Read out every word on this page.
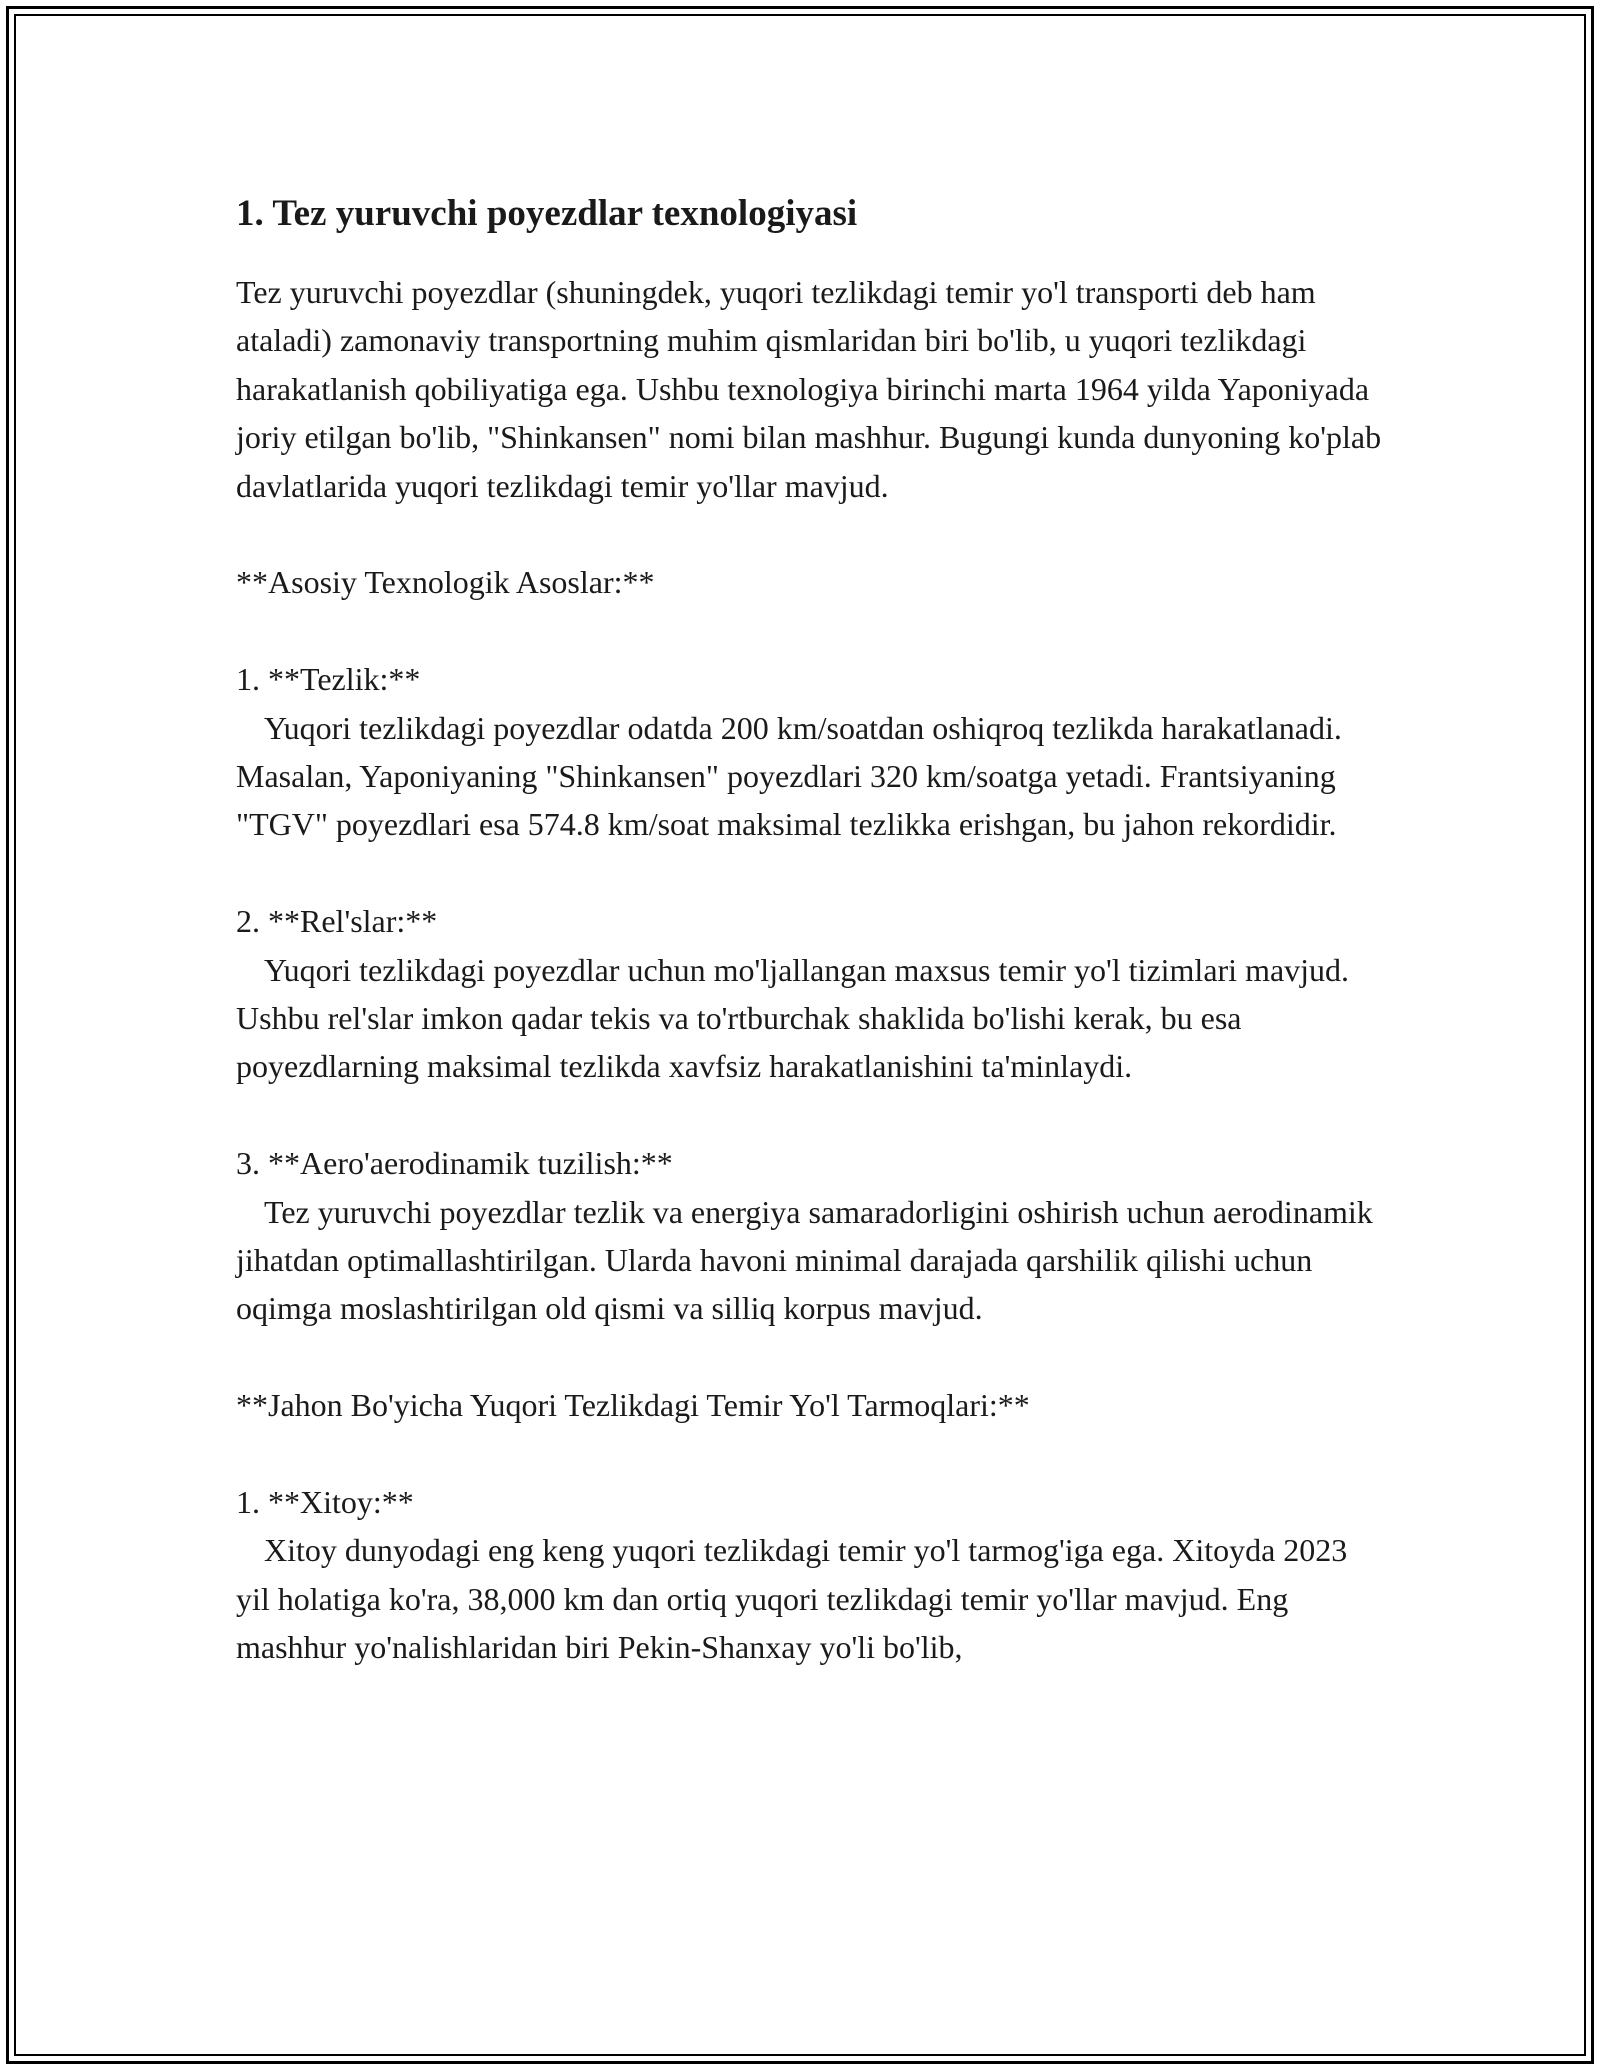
1. Tez yuruvchi poyezdlar texnologiyasi

Tez yuruvchi poyezdlar (shuningdek, yuqori tezlikdagi temir yo'l transporti deb ham ataladi) zamonaviy transportning muhim qismlaridan biri bo'lib, u yuqori tezlikdagi harakatlanish qobiliyatiga ega. Ushbu texnologiya birinchi marta 1964 yilda Yaponiyada joriy etilgan bo'lib, "Shinkansen" nomi bilan mashhur. Bugungi kunda dunyoning ko'plab davlatlarida yuqori tezlikdagi temir yo'llar mavjud.

**Asosiy Texnologik Asoslar:**

1. **Tezlik:**

Yuqori tezlikdagi poyezdlar odatda 200 km/soatdan oshiqroq tezlikda harakatlanadi. Masalan, Yaponiyaning "Shinkansen" poyezdlari 320 km/soatga yetadi. Frantsiyaning "TGV" poyezdlari esa 574.8 km/soat maksimal tezlikka erishgan, bu jahon rekordidir.

2. **Rel'slar:**

Yuqori tezlikdagi poyezdlar uchun mo'ljallangan maxsus temir yo'l tizimlari mavjud. Ushbu rel'slar imkon qadar tekis va to'rtburchak shaklida bo'lishi kerak, bu esa poyezdlarning maksimal tezlikda xavfsiz harakatlanishini ta'minlaydi.

3. **Aero'aerodinamik tuzilish:**

Tez yuruvchi poyezdlar tezlik va energiya samaradorligini oshirish uchun aerodinamik jihatdan optimallashtirilgan. Ularda havoni minimal darajada qarshilik qilishi uchun oqimga moslashtirilgan old qismi va silliq korpus mavjud.

**Jahon Bo'yicha Yuqori Tezlikdagi Temir Yo'l Tarmoqlari:**

1. **Xitoy:**

Xitoy dunyodagi eng keng yuqori tezlikdagi temir yo'l tarmog'iga ega. Xitoyda 2023 yil holatiga ko'ra, 38,000 km dan ortiq yuqori tezlikdagi temir yo'llar mavjud. Eng mashhur yo'nalishlaridan biri Pekin-Shanxay yo'li bo'lib,
